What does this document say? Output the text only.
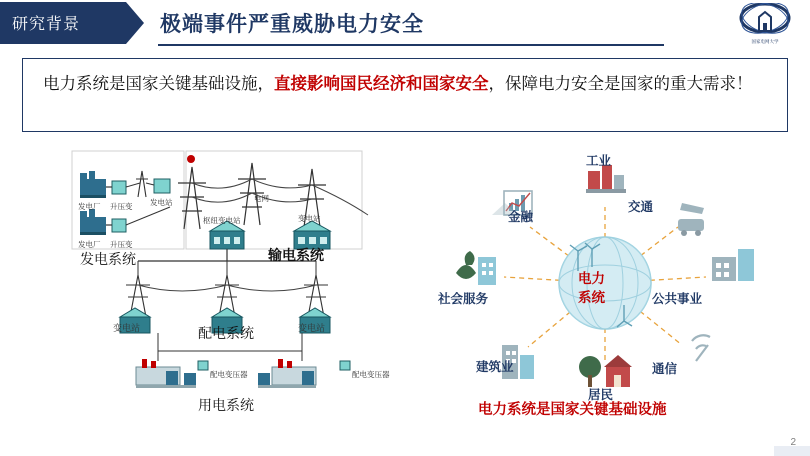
研究背景	极端事件严重威胁电力安全
国家电网大学

电力系统是国家关键基础设施，直接影响国民经济和国家安全，保障电力安全是国家的重大需求！

发电厂 升压变 发电站
发电厂 升压变
电网
枢纽变电站	变电站
变电站	变电站
配电变压器	配电变压器
发电系统	输电系统
配电系统
用电系统
电力
系统
工业
交通
公共事业
通信
居民
建筑业
社会服务
金融
电力系统是国家关键基础设施
2
